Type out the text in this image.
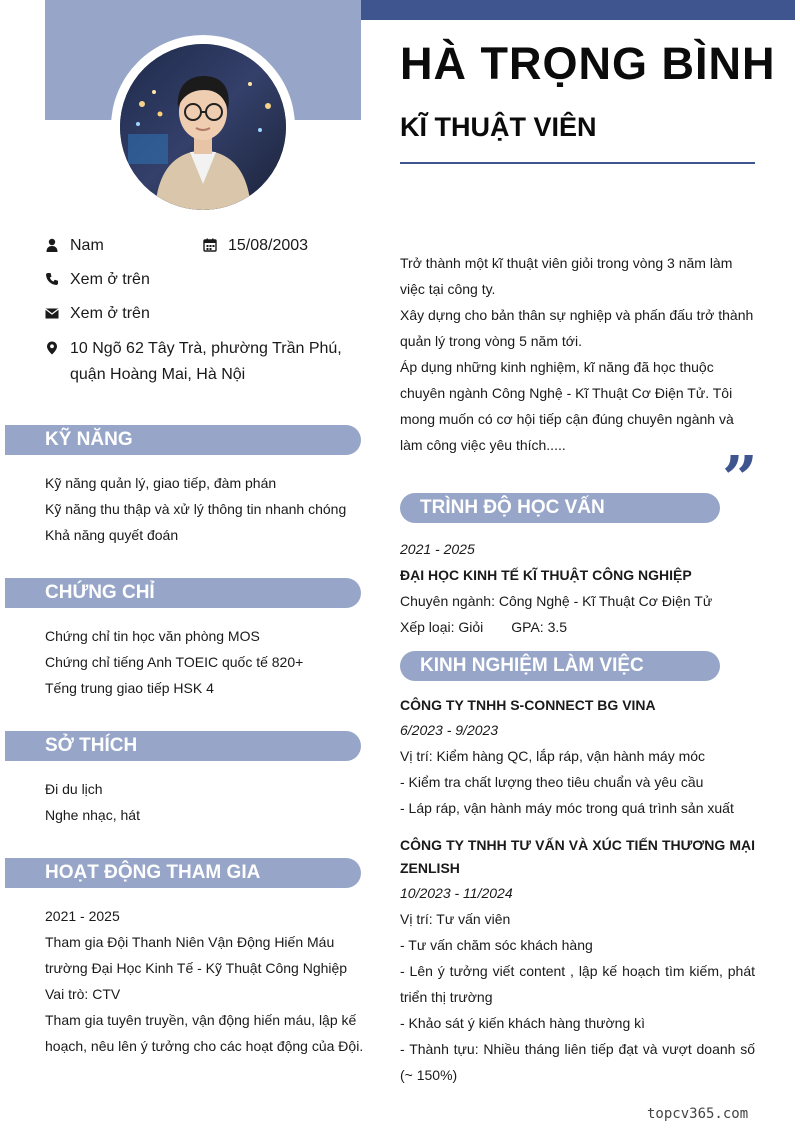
HÀ TRỌNG BÌNH
KĨ THUẬT VIÊN
Nam	15/08/2003
Xem ở trên
Xem ở trên
10 Ngõ 62 Tây Trà, phường Trần Phú,
quận Hoàng Mai, Hà Nội
KỸ NĂNG
Kỹ năng quản lý, giao tiếp, đàm phán
Kỹ năng thu thập và xử lý thông tin nhanh chóng
Khả năng quyết đoán
CHỨNG CHỈ
Chứng chỉ tin học văn phòng MOS
Chứng chỉ tiếng Anh TOEIC quốc tế 820+
Tếng trung giao tiếp HSK 4
SỞ THÍCH
Đi du lịch
Nghe nhạc, hát
HOẠT ĐỘNG THAM GIA
2021 - 2025
Tham gia Đội Thanh Niên Vận Động Hiến Máu
trường Đại Học Kinh Tế - Kỹ Thuật Công Nghiệp
Vai trò: CTV
Tham gia tuyên truyền, vận động hiến máu, lập kế
hoạch, nêu lên ý tưởng cho các hoạt động của Đội.
Trở thành một kĩ thuật viên giỏi trong vòng 3 năm làm
việc tại công ty.
Xây dựng cho bản thân sự nghiệp và phấn đấu trở thành
quản lý trong vòng 5 năm tới.
Áp dụng những kinh nghiệm, kĩ năng đã học thuộc
chuyên ngành Công Nghệ - Kĩ Thuật Cơ Điện Tử. Tôi
mong muốn có cơ hội tiếp cận đúng chuyên ngành và
làm công việc yêu thích.....	”
TRÌNH ĐỘ HỌC VẤN
2021 - 2025
ĐẠI HỌC KINH TẾ KĨ THUẬT CÔNG NGHIỆP
Chuyên ngành: Công Nghệ - Kĩ Thuật Cơ Điện Tử
Xếp loại: Giỏi GPA: 3.5
KINH NGHIỆM LÀM VIỆC
CÔNG TY TNHH S-CONNECT BG VINA
6/2023 - 9/2023
Vị trí: Kiểm hàng QC, lắp ráp, vận hành máy móc
- Kiểm tra chất lượng theo tiêu chuẩn và yêu cầu
- Láp ráp, vận hành máy móc trong quá trình sản xuất
CÔNG TY TNHH TƯ VẤN VÀ XÚC TIẾN THƯƠNG MẠI ZENLISH
10/2023 - 11/2024
Vị trí: Tư vấn viên
- Tư vấn chăm sóc khách hàng
- Lên ý tưởng viết content , lập kế hoạch tìm kiếm, phát triển thị trường
- Khảo sát ý kiến khách hàng thường kì
- Thành tựu: Nhiều tháng liên tiếp đạt và vượt doanh số (~ 150%)
topcv365.com
